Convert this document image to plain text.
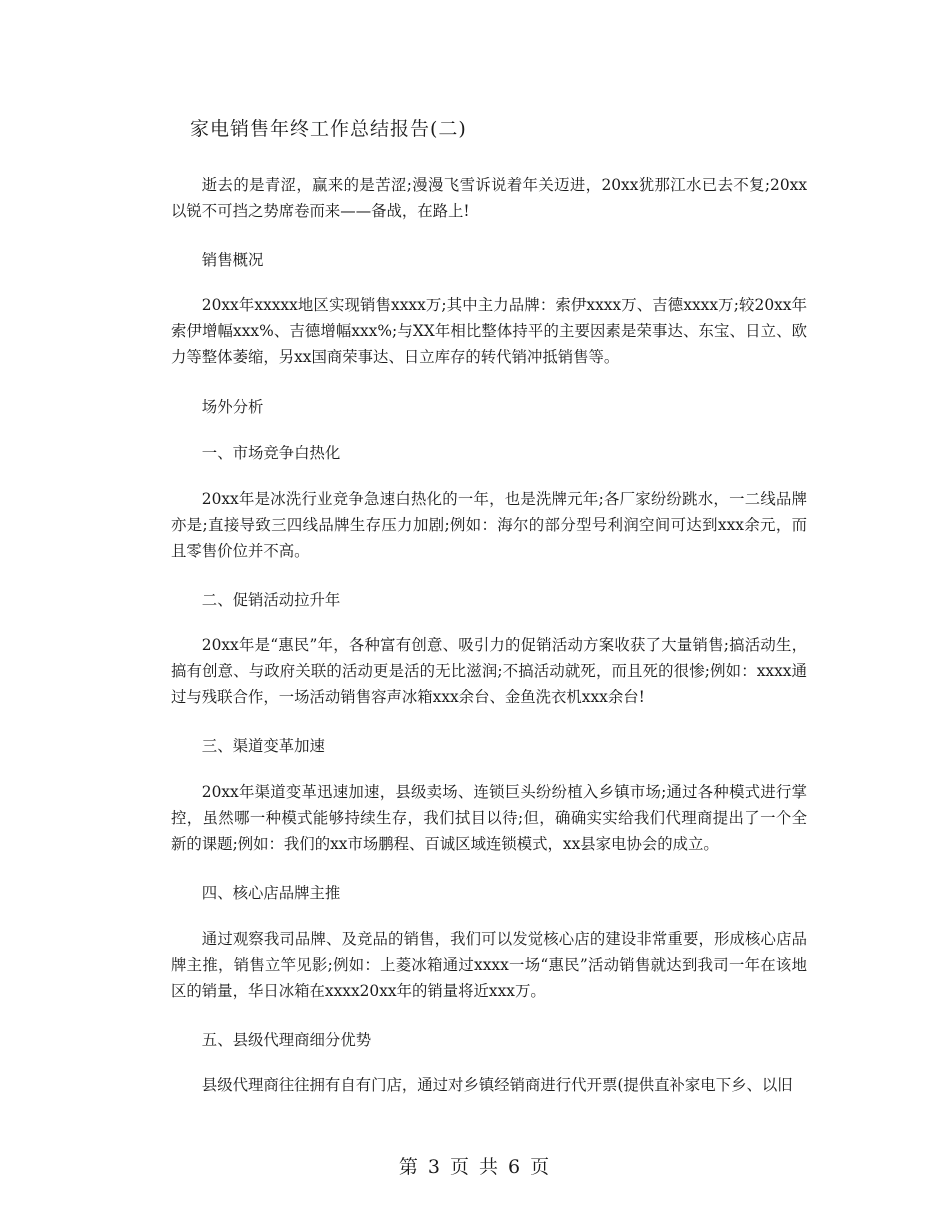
家电销售年终工作总结报告(二)
逝去的是青涩，赢来的是苦涩;漫漫飞雪诉说着年关迈进，20xx犹那江水已去不复;20xx以锐不可挡之势席卷而来——备战，在路上!
销售概况
20xx年xxxxx地区实现销售xxxx万;其中主力品牌：索伊xxxx万、吉德xxxx万;较20xx年索伊增幅xxx%、吉德增幅xxx%;与XX年相比整体持平的主要因素是荣事达、东宝、日立、欧力等整体萎缩，另xx国商荣事达、日立库存的转代销冲抵销售等。
场外分析
一、市场竞争白热化
20xx年是冰洗行业竞争急速白热化的一年，也是洗牌元年;各厂家纷纷跳水，一二线品牌亦是;直接导致三四线品牌生存压力加剧;例如：海尔的部分型号利润空间可达到xxx余元，而且零售价位并不高。
二、促销活动拉升年
20xx年是“惠民”年，各种富有创意、吸引力的促销活动方案收获了大量销售;搞活动生，搞有创意、与政府关联的活动更是活的无比滋润;不搞活动就死，而且死的很惨;例如：xxxx通过与残联合作，一场活动销售容声冰箱xxx余台、金鱼洗衣机xxx余台!
三、渠道变革加速
20xx年渠道变革迅速加速，县级卖场、连锁巨头纷纷植入乡镇市场;通过各种模式进行掌控，虽然哪一种模式能够持续生存，我们拭目以待;但，确确实实给我们代理商提出了一个全新的课题;例如：我们的xx市场鹏程、百诚区域连锁模式，xx县家电协会的成立。
四、核心店品牌主推
通过观察我司品牌、及竞品的销售，我们可以发觉核心店的建设非常重要，形成核心店品牌主推，销售立竿见影;例如：上菱冰箱通过xxxx一场“惠民”活动销售就达到我司一年在该地区的销量，华日冰箱在xxxx20xx年的销量将近xxx万。
五、县级代理商细分优势
县级代理商往往拥有自有门店，通过对乡镇经销商进行代开票(提供直补家电下乡、以旧
第 3 页 共 6 页
